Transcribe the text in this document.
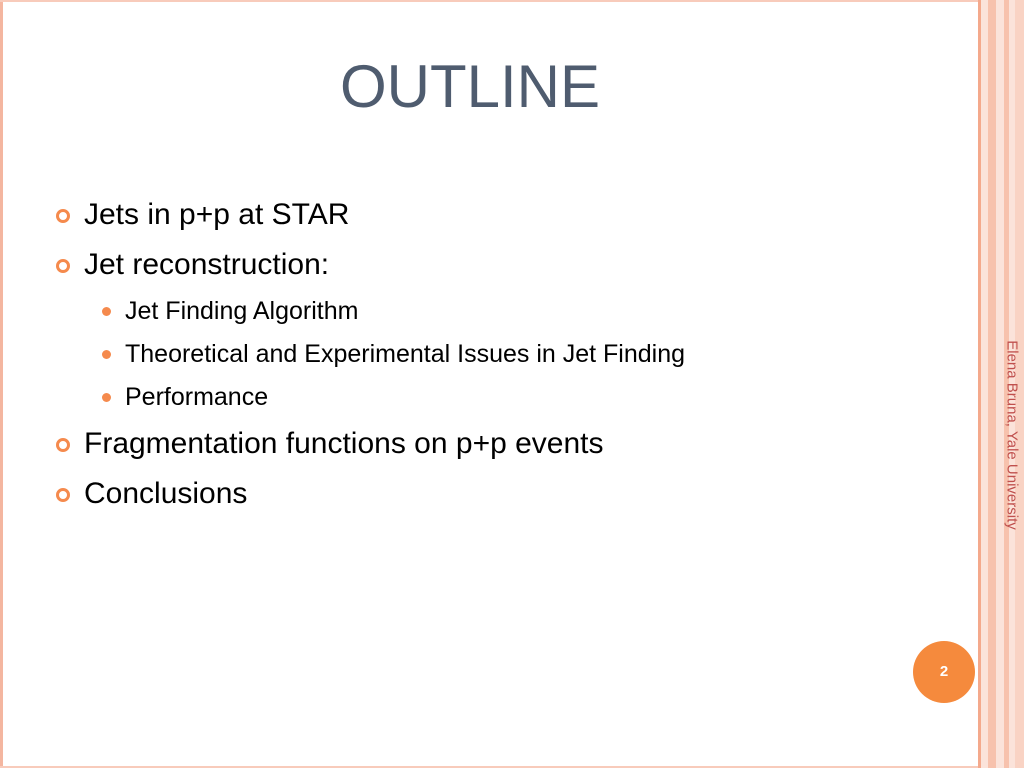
OUTLINE
Jets in p+p at STAR
Jet reconstruction:
Jet Finding Algorithm
Theoretical and Experimental Issues in Jet Finding
Performance
Fragmentation functions on p+p events
Conclusions	Elena Bruna, Yale University
2
